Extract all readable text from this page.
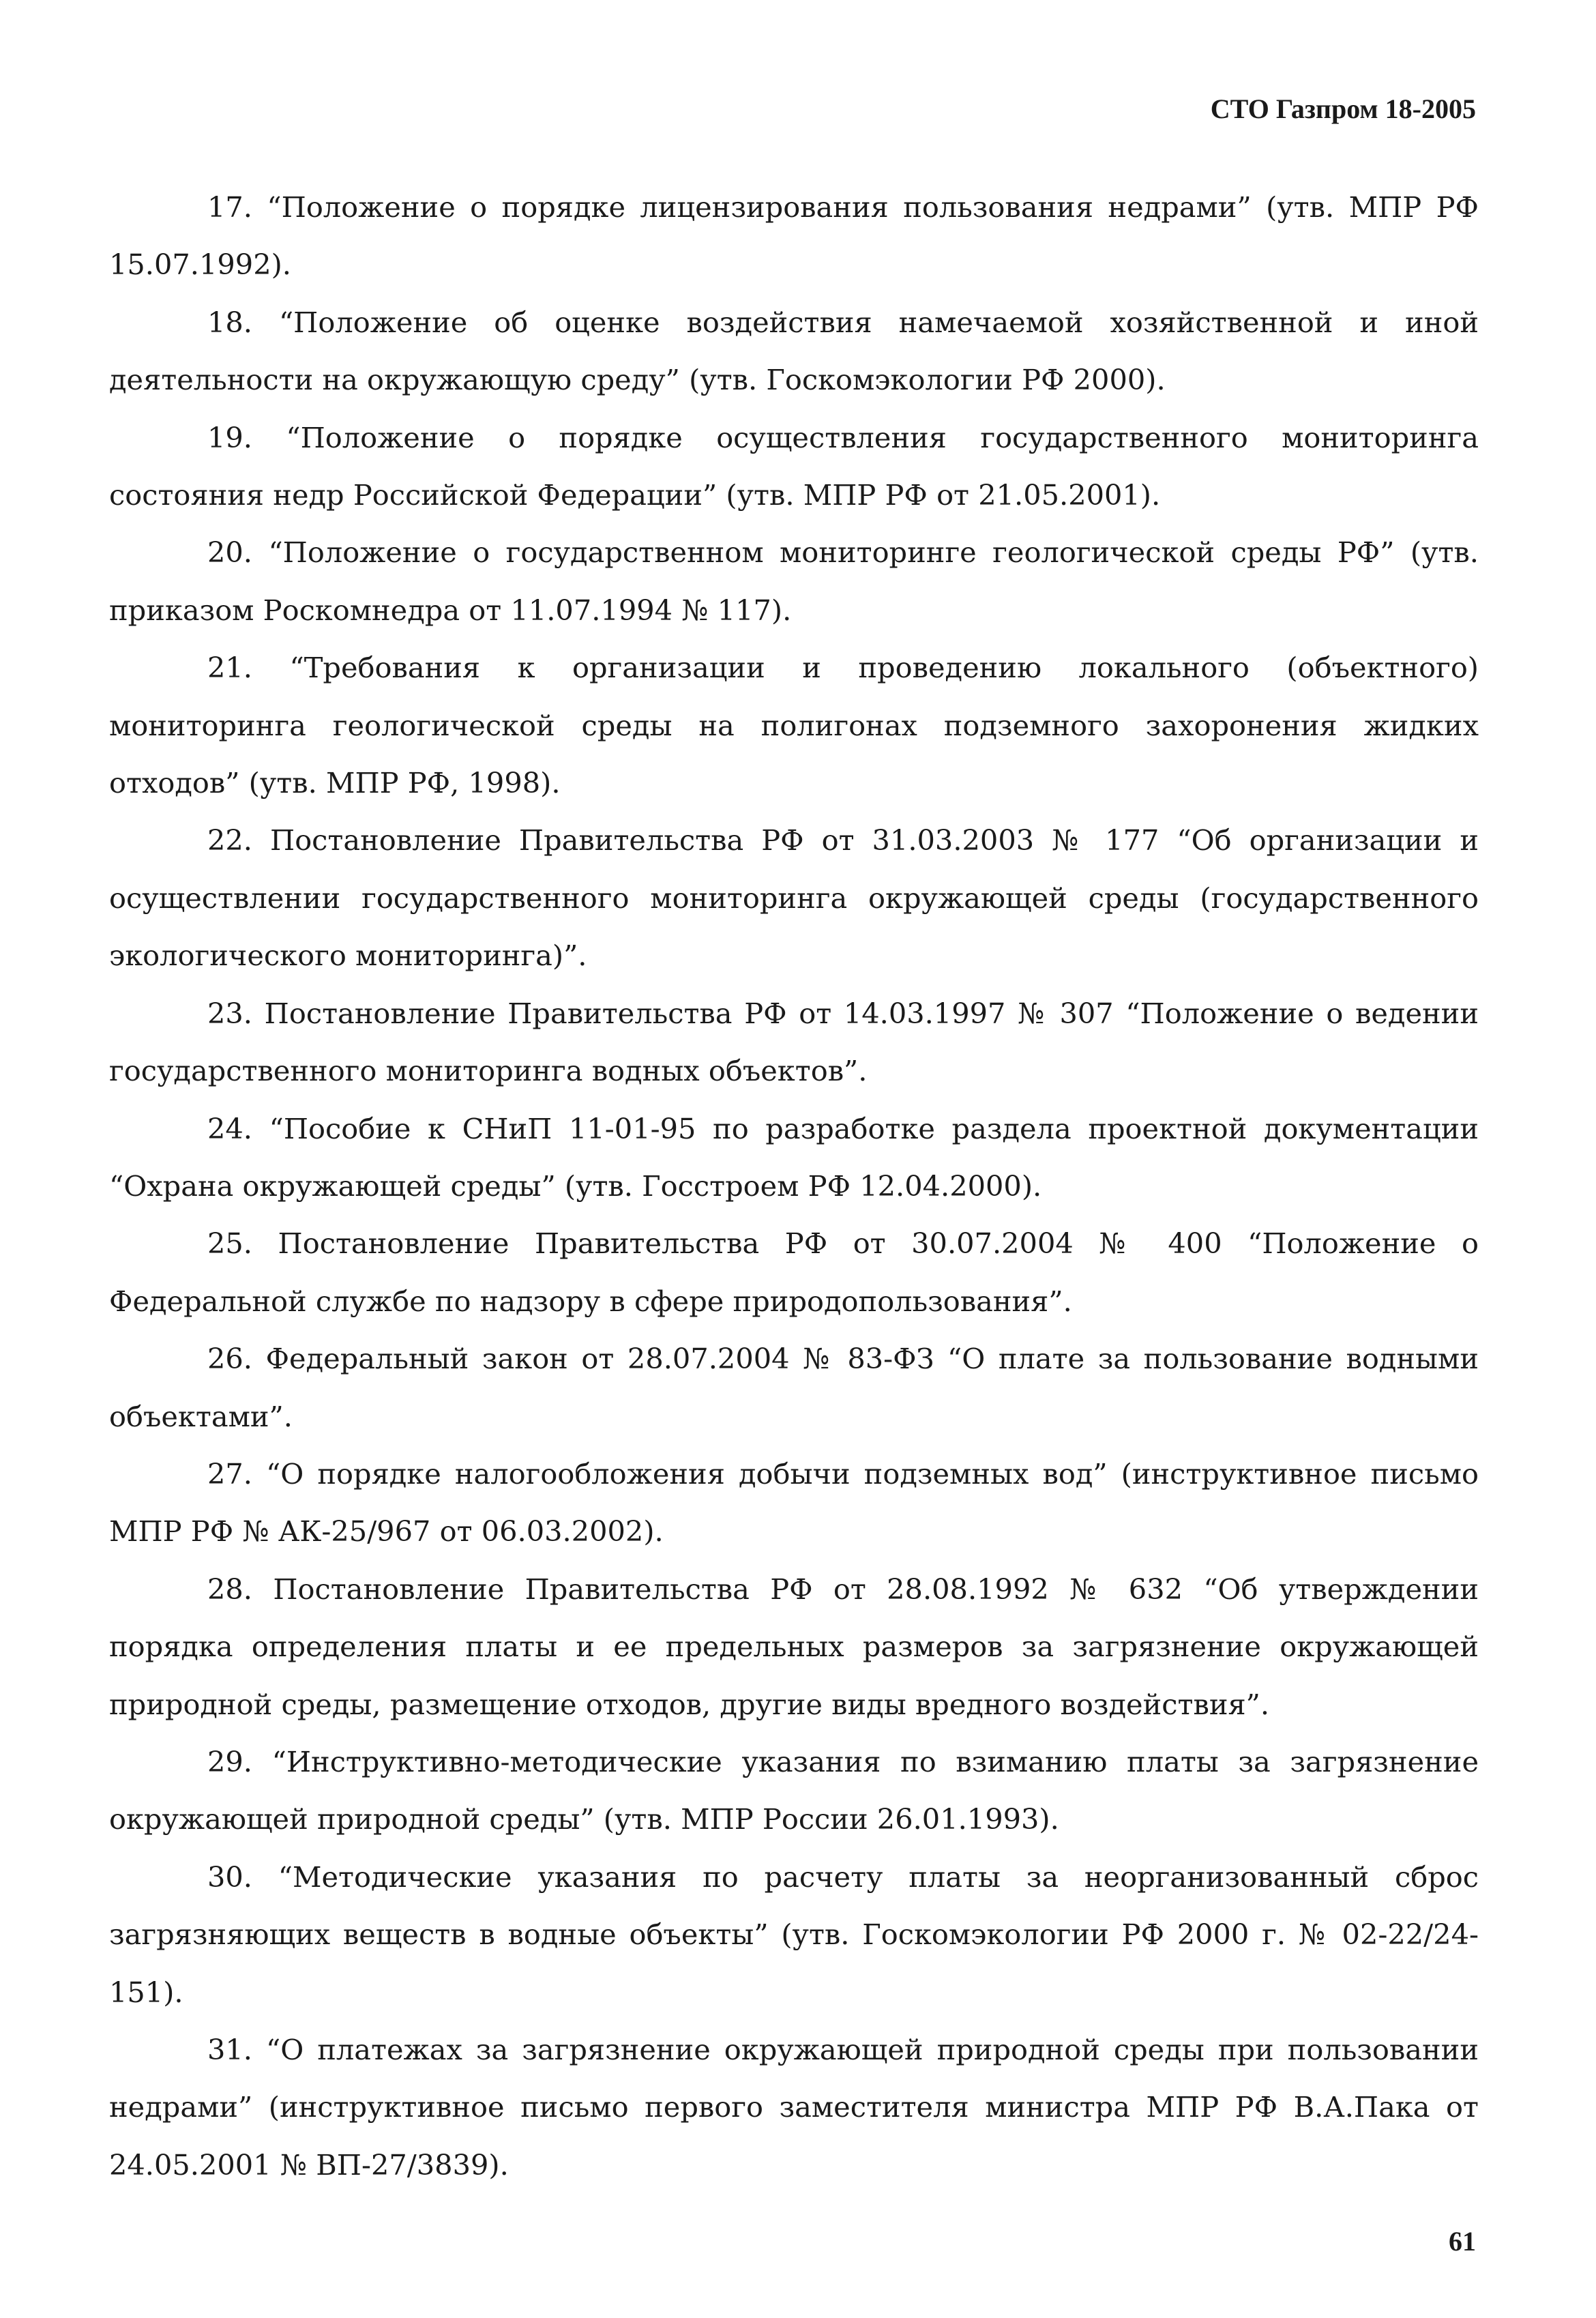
СТО Газпром 18-2005

17. “Положение о порядке лицензирования пользования недрами” (утв. МПР РФ 15.07.1992).

18. “Положение об оценке воздействия намечаемой хозяйственной и иной деятельности на окружающую среду” (утв. Госкомэкологии РФ 2000).

19. “Положение о порядке осуществления государственного мониторинга состояния недр Российской Федерации” (утв. МПР РФ от 21.05.2001).

20. “Положение о государственном мониторинге геологической среды РФ” (утв. приказом Роскомнедра от 11.07.1994 № 117).

21. “Требования к организации и проведению локального (объектного) мониторинга геологической среды на полигонах подземного захоронения жидких отходов” (утв. МПР РФ, 1998).

22. Постановление Правительства РФ от 31.03.2003 № 177 “Об организации и осуществлении государственного мониторинга окружающей среды (государственного экологического мониторинга)”.

23. Постановление Правительства РФ от 14.03.1997 № 307 “Положение о ведении государственного мониторинга водных объектов”.

24. “Пособие к СНиП 11-01-95 по разработке раздела проектной документации “Охрана окружающей среды” (утв. Госстроем РФ 12.04.2000).

25. Постановление Правительства РФ от 30.07.2004 № 400 “Положение о Федеральной службе по надзору в сфере природопользования”.

26. Федеральный закон от 28.07.2004 № 83-ФЗ “О плате за пользование водными объектами”.

27. “О порядке налогообложения добычи подземных вод” (инструктивное письмо МПР РФ № АК-25/967 от 06.03.2002).

28. Постановление Правительства РФ от 28.08.1992 № 632 “Об утверждении порядка определения платы и ее предельных размеров за загрязнение окружающей природной среды, размещение отходов, другие виды вредного воздействия”.

29. “Инструктивно-методические указания по взиманию платы за загрязнение окружающей природной среды” (утв. МПР России 26.01.1993).

30. “Методические указания по расчету платы за неорганизованный сброс загрязняющих веществ в водные объекты” (утв. Госкомэкологии РФ 2000 г. № 02-22/24-151).

31. “О платежах за загрязнение окружающей природной среды при пользовании недрами” (инструктивное письмо первого заместителя министра МПР РФ В.А.Пака от 24.05.2001 № ВП-27/3839).

61
